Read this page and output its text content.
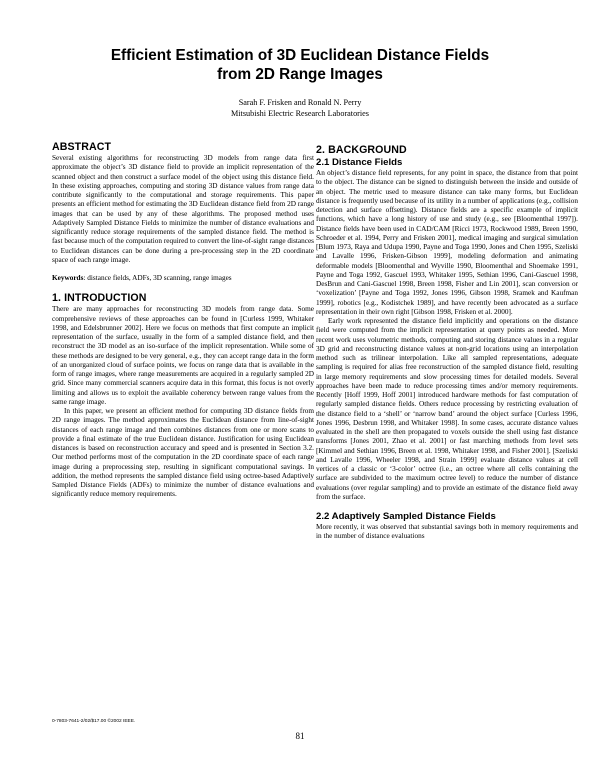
Efficient Estimation of 3D Euclidean Distance Fields
from 2D Range Images
Sarah F. Frisken and Ronald N. Perry
Mitsubishi Electric Research Laboratories
ABSTRACT

Several existing algorithms for reconstructing 3D models from range data first approximate the object’s 3D distance field to provide an implicit representation of the scanned object and then construct a surface model of the object using this distance field. In these existing approaches, computing and storing 3D distance values from range data contribute significantly to the computational and storage requirements. This paper presents an efficient method for estimating the 3D Euclidean distance field from 2D range images that can be used by any of these algorithms. The proposed method uses Adaptively Sampled Distance Fields to minimize the number of distance evaluations and significantly reduce storage requirements of the sampled distance field. The method is fast because much of the computation required to convert the line-of-sight range distances to Euclidean distances can be done during a pre-processing step in the 2D coordinate space of each range image.

Keywords: distance fields, ADFs, 3D scanning, range images

1. INTRODUCTION

There are many approaches for reconstructing 3D models from range data. Some comprehensive reviews of these approaches can be found in [Curless 1999, Whitaker 1998, and Edelsbrunner 2002]. Here we focus on methods that first compute an implicit representation of the surface, usually in the form of a sampled distance field, and then reconstruct the 3D model as an iso-surface of the implicit representation. While some of these methods are designed to be very general, e.g., they can accept range data in the form of an unorganized cloud of surface points, we focus on range data that is available in the form of range images, where range measurements are acquired in a regularly sampled 2D grid. Since many commercial scanners acquire data in this format, this focus is not overly limiting and allows us to exploit the available coherency between range values from the same range image.

In this paper, we present an efficient method for computing 3D distance fields from 2D range images. The method approximates the Euclidean distance from line-of-sight distances of each range image and then combines distances from one or more scans to provide a final estimate of the true Euclidean distance. Justification for using Euclidean distances is based on reconstruction accuracy and speed and is presented in Section 3.2. Our method performs most of the computation in the 2D coordinate space of each range image during a preprocessing step, resulting in significant computational savings. In addition, the method represents the sampled distance field using octree-based Adaptively Sampled Distance Fields (ADFs) to minimize the number of distance evaluations and significantly reduce memory requirements.

2. BACKGROUND
2.1 Distance Fields

An object’s distance field represents, for any point in space, the distance from that point to the object. The distance can be signed to distinguish between the inside and outside of an object. The metric used to measure distance can take many forms, but Euclidean distance is frequently used because of its utility in a number of applications (e.g., collision detection and surface offsetting). Distance fields are a specific example of implicit functions, which have a long history of use and study (e.g., see [Bloomenthal 1997]). Distance fields have been used in CAD/CAM [Ricci 1973, Rockwood 1989, Breen 1990, Schroeder et al. 1994, Perry and Frisken 2001], medical imaging and surgical simulation [Blum 1973, Raya and Udupa 1990, Payne and Toga 1990, Jones and Chen 1995, Szeliski and Lavalle 1996, Frisken-Gibson 1999], modeling deformation and animating deformable models [Bloomenthal and Wyville 1990, Bloomenthal and Shoemake 1991, Payne and Toga 1992, Gascuel 1993, Whitaker 1995, Sethian 1996, Cani-Gascuel 1998, DesBrun and Cani-Gascuel 1998, Breen 1998, Fisher and Lin 2001], scan conversion or ‘voxelization’ [Payne and Toga 1992, Jones 1996, Gibson 1998, Sramek and Kaufman 1999], robotics [e.g., Kodistchek 1989], and have recently been advocated as a surface representation in their own right [Gibson 1998, Frisken et al. 2000].

Early work represented the distance field implicitly and operations on the distance field were computed from the implicit representation at query points as needed. More recent work uses volumetric methods, computing and storing distance values in a regular 3D grid and reconstructing distance values at non-grid locations using an interpolation method such as trilinear interpolation. Like all sampled representations, adequate sampling is required for alias free reconstruction of the sampled distance field, resulting in large memory requirements and slow processing times for detailed models. Several approaches have been made to reduce processing times and/or memory requirements. Recently [Hoff 1999, Hoff 2001] introduced hardware methods for fast computation of regularly sampled distance fields. Others reduce processing by restricting evaluation of the distance field to a ‘shell’ or ‘narrow band’ around the object surface [Curless 1996, Jones 1996, Desbrun 1998, and Whitaker 1998]. In some cases, accurate distance values evaluated in the shell are then propagated to voxels outside the shell using fast distance transforms [Jones 2001, Zhao et al. 2001] or fast marching methods from level sets [Kimmel and Sethian 1996, Breen et al. 1998, Whitaker 1998, and Fisher 2001]. [Szeliski and Lavalle 1996, Wheeler 1998, and Strain 1999] evaluate distance values at cell vertices of a classic or ‘3-color’ octree (i.e., an octree where all cells containing the surface are subdivided to the maximum octree level) to reduce the number of distance evaluations (over regular sampling) and to provide an estimate of the distance field away from the surface.

2.2 Adaptively Sampled Distance Fields

More recently, it was observed that substantial savings both in memory requirements and in the number of distance evaluations

0-7803-7641-2/02/$17.00 ©2002 IEEE.
81
